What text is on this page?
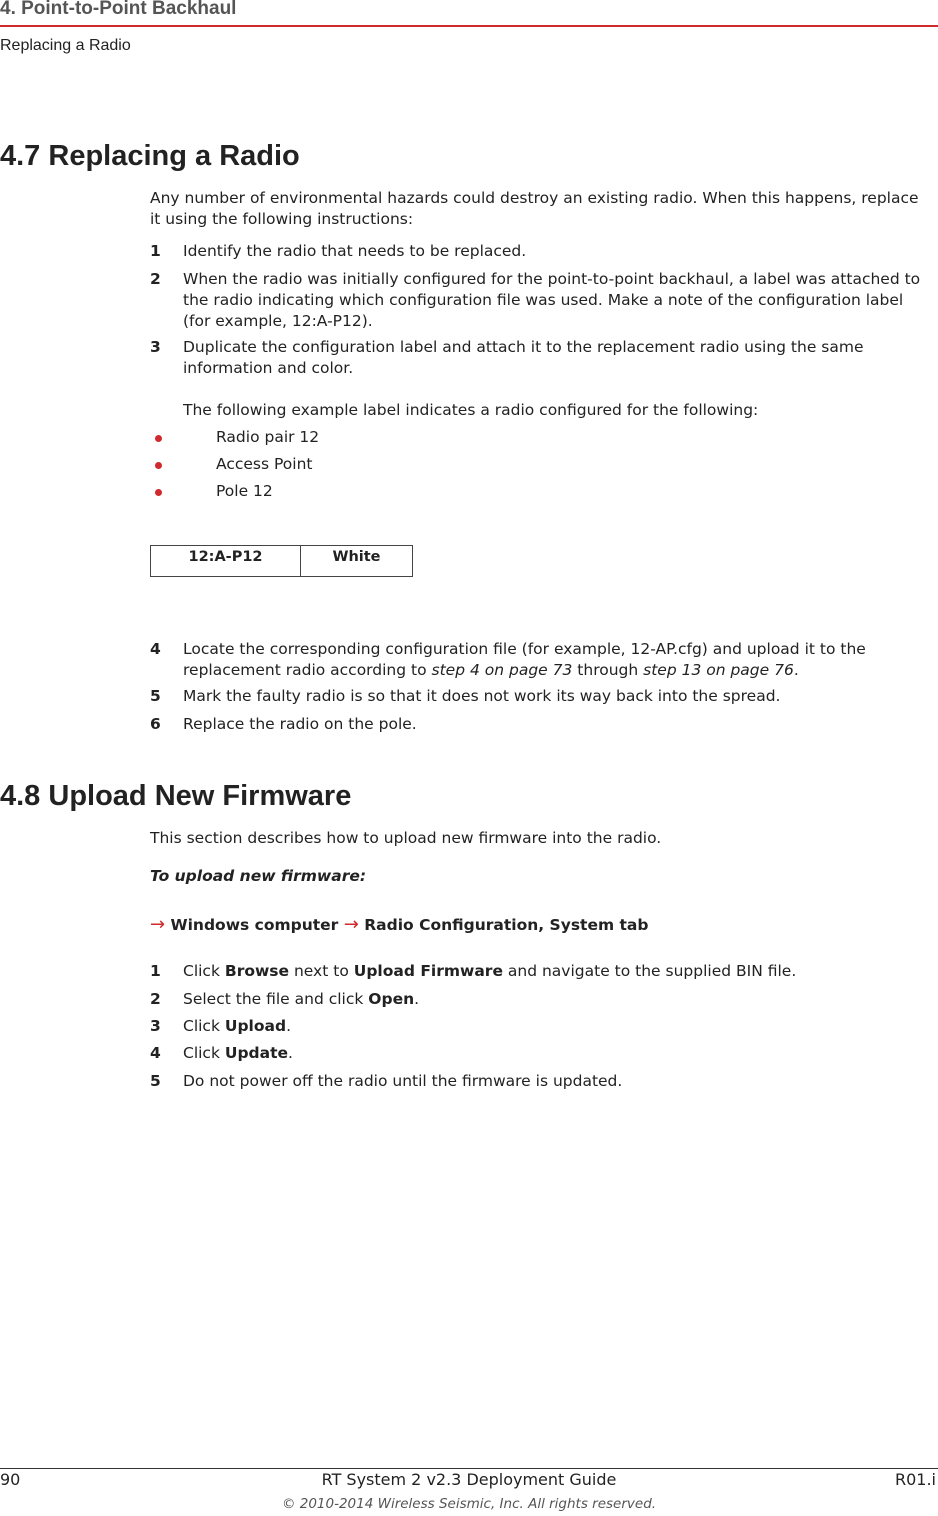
4. Point-to-Point Backhaul
Replacing a Radio
4.7 Replacing a Radio

Any number of environmental hazards could destroy an existing radio. When this happens, replace it using the following instructions:

1 Identify the radio that needs to be replaced.
2 When the radio was initially configured for the point-to-point backhaul, a label was attached to the radio indicating which configuration file was used. Make a note of the configuration label (for example, 12:A-P12).
3 Duplicate the configuration label and attach it to the replacement radio using the same information and color.

The following example label indicates a radio configured for the following:

Radio pair 12
Access Point
Pole 12
12:A-P12	White
4 Locate the corresponding configuration file (for example, 12-AP.cfg) and upload it to the replacement radio according to step 4 on page 73 through step 13 on page 76.
5 Mark the faulty radio is so that it does not work its way back into the spread.
6 Replace the radio on the pole.
4.8 Upload New Firmware

This section describes how to upload new firmware into the radio.

To upload new firmware:

→ Windows computer → Radio Configuration, System tab
1 Click Browse next to Upload Firmware and navigate to the supplied BIN file.
2 Select the file and click Open.
3 Click Upload.
4 Click Update.
5 Do not power off the radio until the firmware is updated.
90	RT System 2 v2.3 Deployment Guide	R01.i
© 2010-2014 Wireless Seismic, Inc. All rights reserved.
